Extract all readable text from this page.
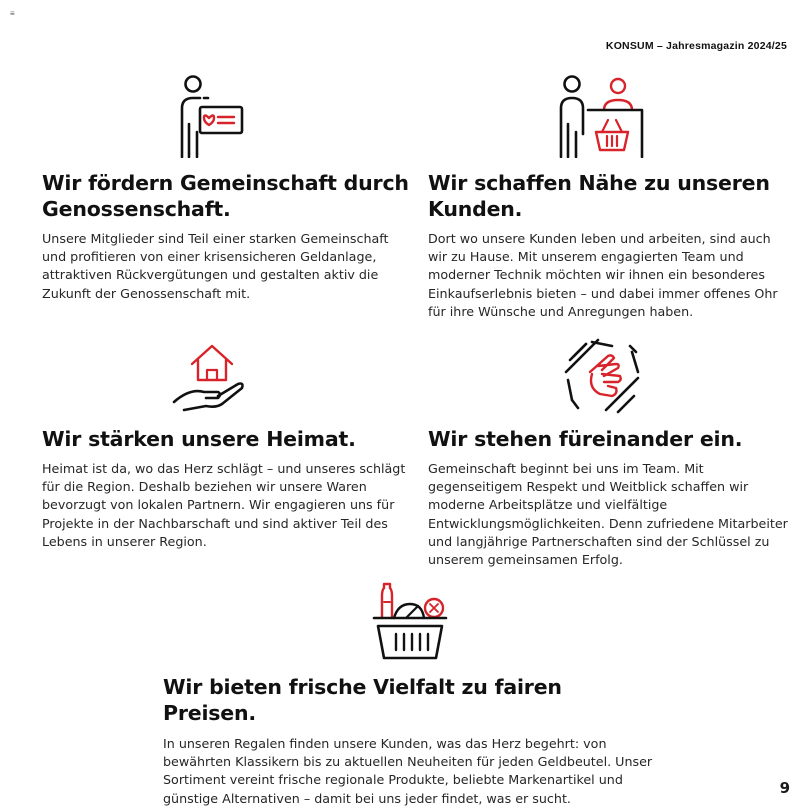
≡
KONSUM – Jahresmagazin 2024/25
Wir fördern Gemeinschaft durch Genossenschaft.

Unsere Mitglieder sind Teil einer starken Gemeinschaft und profitieren von einer krisensicheren Geldanlage, attraktiven Rückvergütungen und gestalten aktiv die Zukunft der Genossenschaft mit.

Wir schaffen Nähe zu unseren Kunden.

Dort wo unsere Kunden leben und arbeiten, sind auch wir zu Hause. Mit unserem engagierten Team und moderner Technik möchten wir ihnen ein besonderes Einkaufserlebnis bieten – und dabei immer offenes Ohr für ihre Wünsche und Anregungen haben.

Wir stärken unsere Heimat.

Heimat ist da, wo das Herz schlägt – und unseres schlägt für die Region. Deshalb beziehen wir unsere Waren bevorzugt von lokalen Partnern. Wir engagieren uns für Projekte in der Nachbarschaft und sind aktiver Teil des Lebens in unserer Region.

Wir stehen füreinander ein.

Gemeinschaft beginnt bei uns im Team. Mit gegenseitigem Respekt und Weitblick schaffen wir moderne Arbeitsplätze und vielfältige Entwicklungsmöglichkeiten. Denn zufriedene Mitarbeiter und langjährige Partnerschaften sind der Schlüssel zu unserem gemeinsamen Erfolg.

Wir bieten frische Vielfalt zu fairen Preisen.

In unseren Regalen finden unsere Kunden, was das Herz begehrt: von bewährten Klassikern bis zu aktuellen Neuheiten für jeden Geldbeutel. Unser Sortiment vereint frische regionale Produkte, beliebte Markenartikel und günstige Alternativen – damit bei uns jeder findet, was er sucht.

9
